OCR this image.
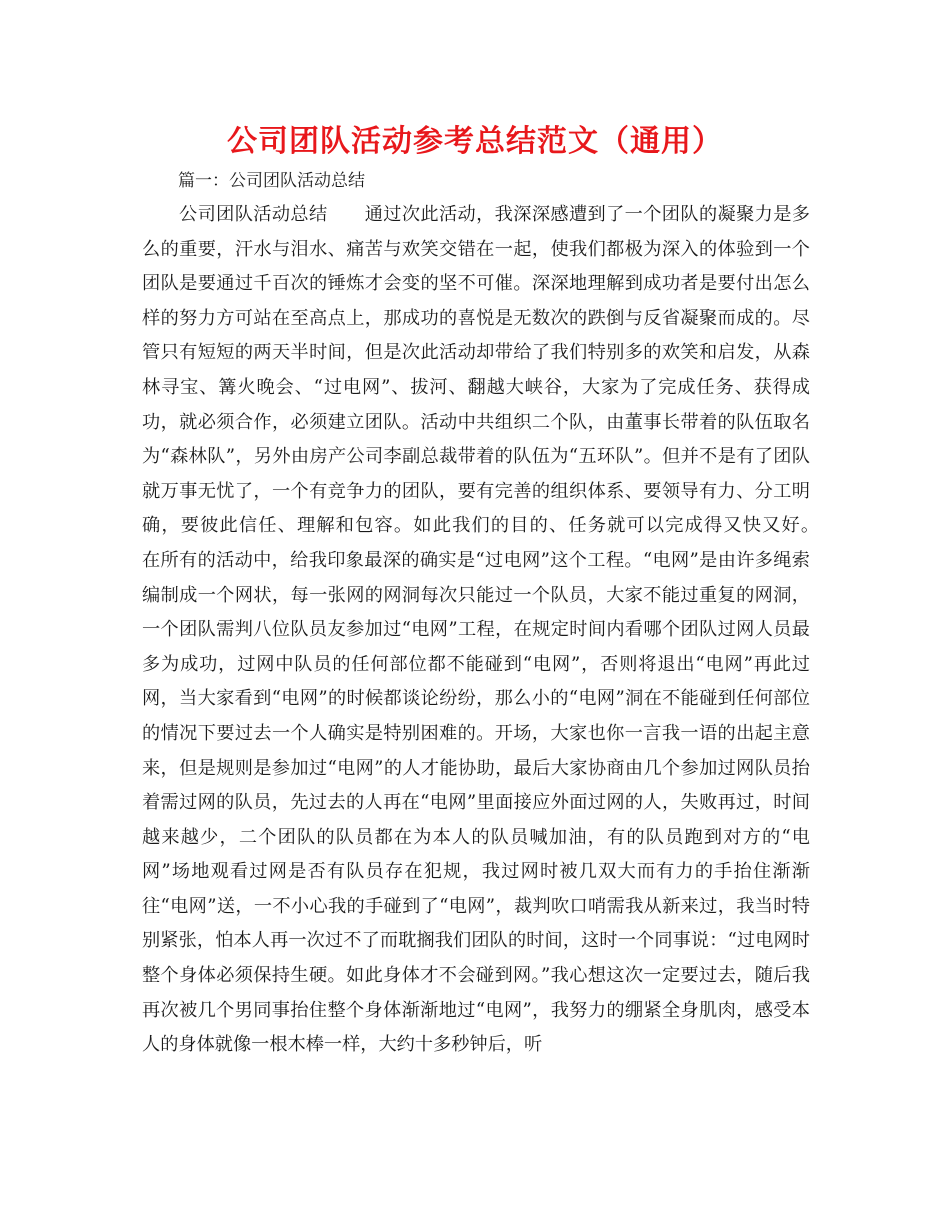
公司团队活动参考总结范文（通用）
篇一：公司团队活动总结

公司团队活动总结　　通过次此活动，我深深感遭到了一个团队的凝聚力是多么的重要，汗水与泪水、痛苦与欢笑交错在一起，使我们都极为深入的体验到一个团队是要通过千百次的锤炼才会变的坚不可催。深深地理解到成功者是要付出怎么样的努力方可站在至高点上，那成功的喜悦是无数次的跌倒与反省凝聚而成的。尽管只有短短的两天半时间，但是次此活动却带给了我们特别多的欢笑和启发，从森林寻宝、篝火晚会、“过电网”、拔河、翻越大峡谷，大家为了完成任务、获得成功，就必须合作，必须建立团队。活动中共组织二个队，由董事长带着的队伍取名为“森林队”，另外由房产公司李副总裁带着的队伍为“五环队”。但并不是有了团队就万事无忧了，一个有竞争力的团队，要有完善的组织体系、要领导有力、分工明确，要彼此信任、理解和包容。如此我们的目的、任务就可以完成得又快又好。　　在所有的活动中，给我印象最深的确实是“过电网”这个工程。“电网”是由许多绳索编制成一个网状，每一张网的网洞每次只能过一个队员，大家不能过重复的网洞，一个团队需判八位队员友参加过“电网”工程，在规定时间内看哪个团队过网人员最多为成功，过网中队员的任何部位都不能碰到“电网”，否则将退出“电网”再此过网，当大家看到“电网”的时候都谈论纷纷，那么小的“电网”洞在不能碰到任何部位的情况下要过去一个人确实是特别困难的。开场，大家也你一言我一语的出起主意来，但是规则是参加过“电网”的人才能协助，最后大家协商由几个参加过网队员抬着需过网的队员，先过去的人再在“电网”里面接应外面过网的人，失败再过，时间越来越少，二个团队的队员都在为本人的队员喊加油，有的队员跑到对方的“电网”场地观看过网是否有队员存在犯规，我过网时被几双大而有力的手抬住渐渐往“电网”送，一不小心我的手碰到了“电网”，裁判吹口哨需我从新来过，我当时特别紧张，怕本人再一次过不了而耽搁我们团队的时间，这时一个同事说：“过电网时整个身体必须保持生硬。如此身体才不会碰到网。”我心想这次一定要过去，随后我再次被几个男同事抬住整个身体渐渐地过“电网”，我努力的绷紧全身肌肉，感受本人的身体就像一根木棒一样，大约十多秒钟后，听
